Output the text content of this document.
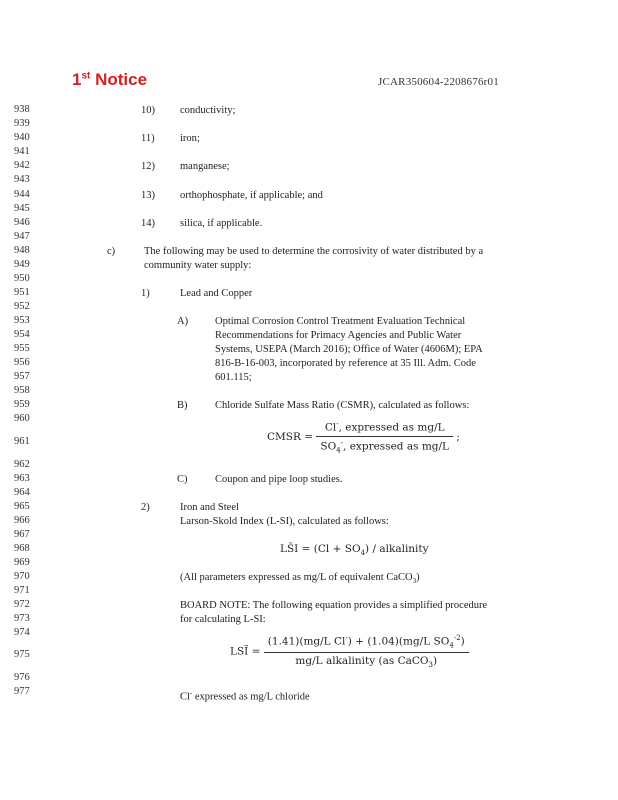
1st Notice	JCAR350604-2208676r01
938
939
940
941
942
943
944
945
946
947
948
949
950
951
952
953
954
955
956
957
958
959
960
961
962
963
964
965
966
967
968
969
970
971
972
973
974
975
976
977
10) conductivity;
11) iron;
12) manganese;
13) orthophosphate, if applicable; and
14) silica, if applicable.
c)	The following may be used to determine the corrosivity of water distributed by a
community water supply:
1)	Lead and Copper
A)	Optimal Corrosion Control Treatment Evaluation Technical
Recommendations for Primacy Agencies and Public Water
Systems, USEPA (March 2016); Office of Water (4606M); EPA
816-B-16-003, incorporated by reference at 35 Ill. Adm. Code
601.115;
B)	Chloride Sulfate Mass Ratio (CSMR), calculated as follows:
CMSR = $\frac{Cl^-, expressed as mg/L}{SO_4^-, expressed as mg/L}$ ;
C)	Coupon and pipe loop studies.
2)	Iron and Steel
Larson-Skold Index (L-SI), calculated as follows:
LŠI = $(Cl + SO_4)$ / alkalinity
(All parameters expressed as mg/L of equivalent CaCO$_3$)
BOARD NOTE: The following equation provides a simplified procedure
for calculating L-SI:
LSĨ = $\frac{(1.41)(mg/L Cl^-) + (1.04)(mg/L SO_4^{-2})}{mg/L alkalinity (as CaCO_3)}$
Cl- expressed as mg/L chloride
